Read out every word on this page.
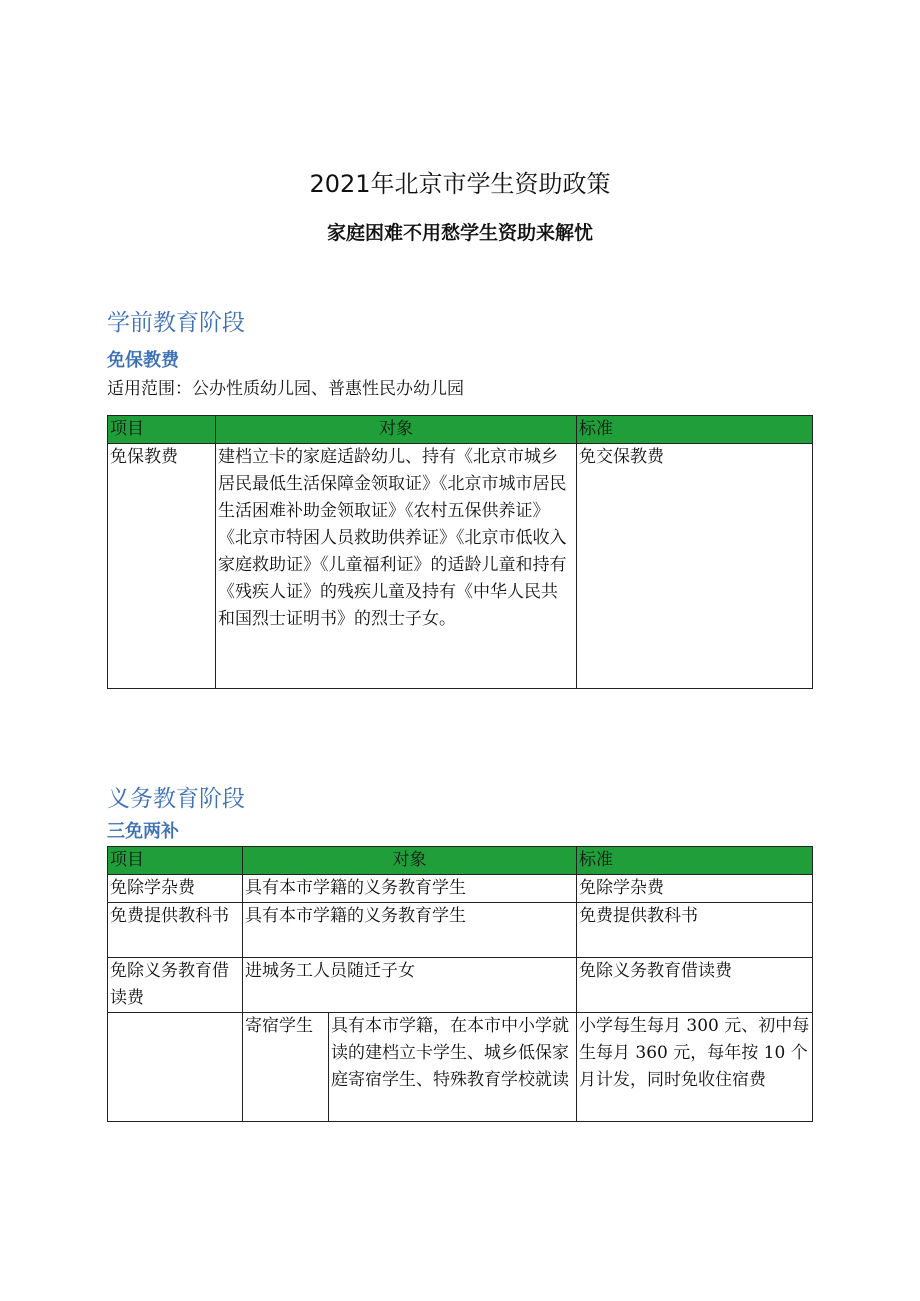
2021年北京市学生资助政策
家庭困难不用愁学生资助来解忧
学前教育阶段
免保教费
适用范围：公办性质幼儿园、普惠性民办幼儿园
项目	对象	标准
免保教费	建档立卡的家庭适龄幼儿、持有《北京市城乡居民最低生活保障金领取证》《北京市城市居民生活困难补助金领取证》《农村五保供养证》《北京市特困人员救助供养证》《北京市低收入家庭救助证》《儿童福利证》的适龄儿童和持有《残疾人证》的残疾儿童及持有《中华人民共和国烈士证明书》的烈士子女。	免交保教费
义务教育阶段
三免两补
项目	对象		标准
免除学杂费	具有本市学籍的义务教育学生		免除学杂费
免费提供教科书	具有本市学籍的义务教育学生		免费提供教科书
免除义务教育借读费	进城务工人员随迁子女		免除义务教育借读费
	寄宿学生	具有本市学籍，在本市中小学就读的建档立卡学生、城乡低保家庭寄宿学生、特殊教育学校就读	小学每生每月 300 元、初中每生每月 360 元，每年按 10 个月计发，同时免收住宿费
